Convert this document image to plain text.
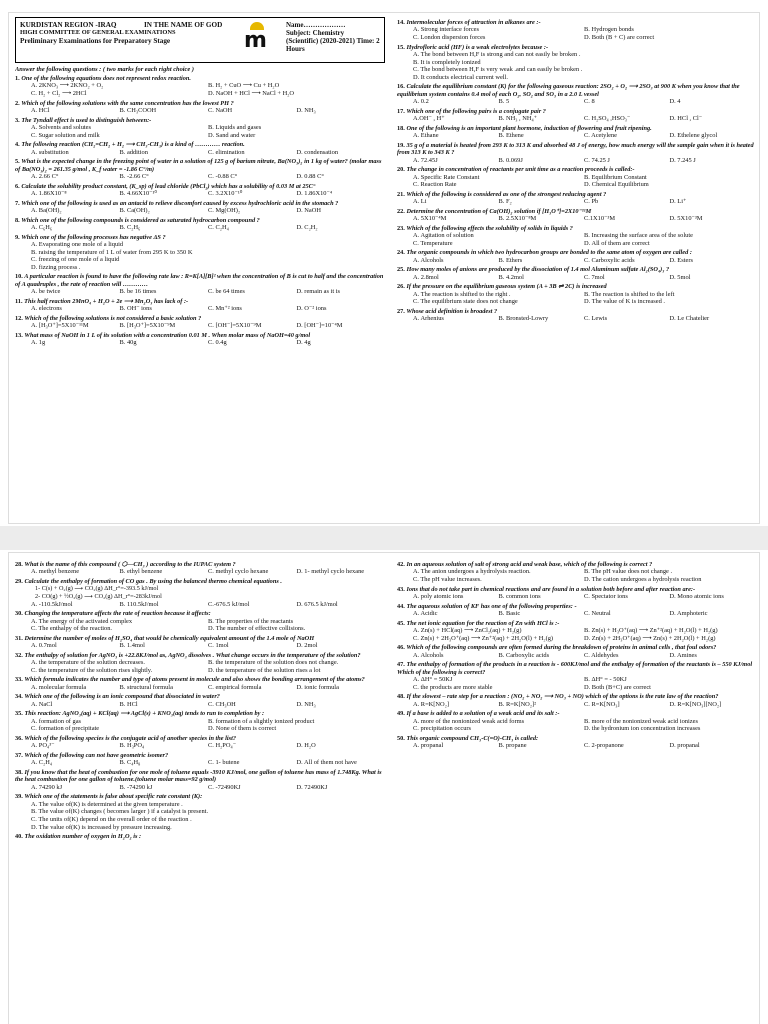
KURDISTAN REGION -IRAQ
HIGH COMMITTEE OF GENERAL EXAMINATIONS
Preliminary Examinations for Preparatory Stage
IN THE NAME OF GOD
m
Name………………
Subject: Chemistry
(Scientific) (2020-2021) Time: 2 Hours
Answer the following questions : ( two marks for each right choice )
1. One of the following equations does not represent redox reaction.
A. 2KNO₃ ⟶ 2KNO₂ + O₂	B. H₂ + CuO ⟶ Cu + H₂O
C. H₂ + Cl₂ ⟶ 2HCl	D. NaOH + HCl ⟶ NaCl + H₂O
2. Which of the following solutions with the same concentration has the lowest PH ?
A. HCl	B. CH₃COOH	C. NaOH	D. NH₃
3. The Tyndall effect is used to distinguish between:-
A. Solvents and solutes	B. Liquids and gases
C. Sugar solution and milk	D. Sand and water
4. The following reaction (CH₂=CH₂ + H₂ ⟶ CH₃-CH₃) is a kind of ………… reaction.
A. substitution	B. addition	C. elimination	D. condensation
5. What is the expected change in the freezing point of water in a solution of 125 g of barium nitrate, Ba(NO₃)₂ in 1 kg of water? (molar mass of Ba(NO₃)₂ = 261.35 g/mol , K_f water = -1.86 C°/m)
A. 2.66 C°	B. -2.66 C°	C. -0.88 C°	D. 0.88 C°
6. Calculate the solubility product constant, (K_sp) of lead chloride (PbCl₂) which has a solubility of 0.03 M at 25C°
A. 1.86X10⁻⁸	B. 4.66X10⁻¹⁰	C. 3.2X10⁻¹⁰	D. 1.86X10⁻⁴
7. Which one of the following is used as an antacid to relieve discomfort caused by excess hydrochloric acid in the stomach ?
A. Ba(OH)₂	B. Ca(OH)₂	C. Mg(OH)₂	D. NaOH
8. Which one of the following compounds is considered as saturated hydrocarbon compound ?
A. C₆H₆	B. C₂H₆	C. C₂H₄	D. C₂H₂
9. Which one of the following processes has negative ΔS ?
A. Evaporating one mole of a liquid
B. raising the temperature of 1 L of water from 295 K to 350 K
C. freezing of one mole of a liquid
D. fizzing process .
10. A particular reaction is found to have the following rate law : R=K[A][B]² when the concentration of B is cut to half and the concentration of A quadruples , the rate of reaction will …………
A. be twice	B. be 16 times	C. be 64 times	D. remain as it is
11. This half reaction 2MnO₄ + H₂O + 2e ⟶ Mn₂O₃ has lack of :-
A. electrons	B. OH⁻ ions	C. Mn⁺² ions	D. O⁻² ions
12. Which of the following solutions is not considered a basic solution ?
A. [H₃O⁺]=5X10⁻¹¹M	B. [H₃O⁺]=5X10⁻⁹M	C. [OH⁻]=5X10⁻⁹M	D. [OH⁻]=10⁻⁴M
13. What mass of NaOH in 1 L of its solution with a concentration 0.01 M . When molar mass of NaOH=40 g/mol
A. 1g	B. 40g	C. 0.4g	D. 4g
14. Intermolecular forces of attraction in alkanes are :-
A. Strong interface forces	B. Hydrogen bonds
C. London dispersion forces	D. Both (B + C) are correct
15. Hydrofloric acid (HF) is a weak electrolytes because :-
A. The bond between H,F is strong and can not easily be broken .
B. It is completely ionized
C. The bond between H,F is very weak .and can easily be broken .
D. It conducts electrical current well.
16. Calculate the equilibrium constant (K) for the following gaseous reaction: 2SO₂ + O₂ ⟶ 2SO₃ at 900 K when you know that the equilibrium system contains 0.4 mol of each O₂, SO₂ and SO₃ in a 2.0 L vessel
A. 0.2	B. 5	C. 8	D. 4
17. Which one of the following pairs is a conjugate pair ?
A.OH⁻ , H⁺	B. NH₃ , NH₄⁺	C. H₂SO₄ ,HSO₃⁻	D. HCl , Cl⁻
18. One of the following is an important plant hormone, induction of flowering and fruit ripening.
A. Ethane	B. Ethene	C. Acetylene	D. Ethelene glycol
19. 35 g of a material is heated from 293 K to 313 K and absorbed 48 J of energy, how much energy will the sample gain when it is heated from 313 K to 343 K ?
A. 72.45J	B. 0.069J	C. 74.25 J	D. 7.245 J
20. The change in concentration of reactants per unit time as a reaction proceeds is called:-
A. Specific Rate Constant	B. Equilibrium Constant
C. Reaction Rate	D. Chemical Equilibrium
21. Which of the following is considered as one of the strongest reducing agent ?
A. Li	B. F₂	C. Pb	D. Li⁺
22. Determine the concentration of Ca(OH)₂ solution if [H₃O⁺]=2X10⁻¹¹M
A. 5X10⁻⁴M	B. 2.5X10⁻⁸M	C.1X10⁻³M	D. 5X10⁻³M
23. Which of the following effects the solubility of solids in liquids ?
A. Agitation of solution	B. Increasing the surface area of the solute
C. Temperature	D. All of them are correct
24. The organic compounds in which two hydrocarbon groups are bonded to the same atom of oxygen are called :
A. Alcohols	B. Ethers	C. Carboxylic acids	D. Esters
25. How many moles of anions are produced by the dissociation of 1.4 mol Aluminum sulfate Al₂(SO₄)₃ ?
A. 2.8mol	B. 4.2mol	C. 7mol	D. 5mol
26. If the pressure on the equilibrium gaseous system (A + 3B ⇌ 2C) is increased
A. The reaction is shifted to the right .	B. The reaction is shifted to the left
C. The equilibrium state does not change	D. The value of K is increased .
27. Whose acid definition is broadest ?
A. Arhenius	B. Bronsted-Lowry	C. Lewis	D. Le Chatelier
28. What is the name of this compound ( ⬡—CH₃ ) according to the IUPAC system ?
A. methyl benzene	B. ethyl benzene	C. methyl cyclo hexane	D. 1- methyl cyclo hexane
29. Calculate the enthalpy of formation of CO gas . By using the balanced thermo chemical equations .
1- C(s) + O₂(g) ⟶ CO₂(g) ΔH_r°=-393.5 kJ/mol
2- CO(g) + ½O₂(g) ⟶ CO₂(g) ΔH_r°=-283kJ/mol
A. -110.5kJ/mol	B. 110.5kJ/mol	C.-676.5 kJ/mol	D. 676.5 kJ/mol
30. Changing the temperature affects the rate of reaction because it affects:
A. The energy of the activated complex	B. The properties of the reactants
C. The enthalpy of the reaction.	D. The number of effective collisions.
31. Determine the number of moles of H₂SO₄ that would be chemically equivalent amount of the 1.4 mole of NaOH
A. 0.7mol	B. 1.4mol	C. 1mol	D. 2mol
32. The enthalpy of solution for AgNO₃ is +22.8KJ/mol as, AgNO₃ dissolves . What change occurs in the temperature of the solution?
A. the temperature of the solution decreases.	B. the temperature of the solution does not change.
C. the temperature of the solution rises slightly.	D. the temperature of the solution rises a lot
33. Which formula indicates the number and type of atoms present in molecule and also shows the bonding arrangement of the atoms?
A. molecular formula	B. structural formula	C. empirical formula	D. ionic formula
34. Which one of the following is an ionic compound that dissociated in water?
A. NaCl	B. HCl	C. CH₃OH	D. NH₃
35. This reaction: AgNO₃(aq) + KCl(aq) ⟶ AgCl(s) + KNO₃(aq) tends to run to completion by :
A. formation of gas	B. formation of a slightly ionized product
C. formation of precipitate	D. None of them is correct
36. Which of the following species is the conjugate acid of another species in the list?
A. PO₄³⁻	B. H₃PO₄	C. H₂PO₄⁻	D. H₂O
37. Which of the following can not have geometric isomer?
A. C₂H₄	B. C₄H₈	C. 1- butene	D. All of them not have
38. If you know that the heat of combustion for one mole of toluene equals -3910 KJ/mol, one gallon of toluene has mass of 1.748Kg. What is the heat combustion for one gallon of toluene.(toluene molar mass=92 g/mol)
A. 74290 kJ	B. -74290 kJ	C. -72490KJ	D. 72490KJ
39. Which one of the statements is false about specific rate constant (K):
A. The value of(K) is determined at the given temperature .
B. The value of(K) changes ( becomes larger ) if a catalyst is present.
C. The units of(K) depend on the overall order of the reaction .
D. The value of(K) is increased by pressure increasing.
40. The oxidation number of oxygen in H₂O₂ is :
42. In an aqueous solution of salt of strong acid and weak base, which of the following is correct ?
A. The anion undergoes a hydrolysis reaction.	B. The pH value does not change .
C. The pH value increases.	D. The cation undergoes a hydrolysis reaction
43. Ions that do not take part in chemical reactions and are found in a solution both before and after reaction are:-
A. poly atomic ions	B. common ions	C. Spectator ions	D. Mono atomic ions
44. The aqueous solution of KF has one of the following properties: -
A. Acidic	B. Basic	C. Neutral	D. Amphoteric
45. The net ionic equation for the reaction of Zn with HCl is :-
A. Zn(s) + HCl(aq) ⟶ ZnCl₂(aq) + H₂(g)	B. Zn(s) + H₃O⁺(aq) ⟶ Zn⁺²(aq) + H₂O(l) + H₂(g)
C. Zn(s) + 2H₃O⁺(aq) ⟶ Zn⁺²(aq) + 2H₂O(l) + H₂(g)	D. Zn(s) + 2H₃O⁺(aq) ⟶ Zn(s) + 2H₂O(l) + H₂(g)
46. Which of the following compounds are often formed during the breakdown of proteins in animal cells , that foul odors?
A. Alcohols	B. Carboxylic acids	C. Aldehydes	D. Amines
47. The enthalpy of formation of the products in a reaction is - 600KJ/mol and the enthalpy of formation of the reactants is – 550 KJ/mol Which of the following is correct?
A. ΔH° = 50KJ	B. ΔH° = - 50KJ
C. the products are more stable	D. Both (B+C) are correct
48. If the slowest – rate step for a reaction : (NO₂ + NO₂ ⟶ NO₃ + NO) which of the options is the rate law of the reaction?
A. R=K[NO₂]	B. R=K[NO₂]²	C. R=K[NO₃]	D. R=K[NO₃][NO₂]
49. If a base is added to a solution of a weak acid and its salt :-
A. more of the nonionized weak acid forms	B. more of the nonionized weak acid ionizes
C. precipitation occurs	D. the hydronium ion concentration increases
50. This organic compound CH₃-C(=O)-CH₃ is called:
A. propanal	B. propane	C. 2-propanone	D. propanal
